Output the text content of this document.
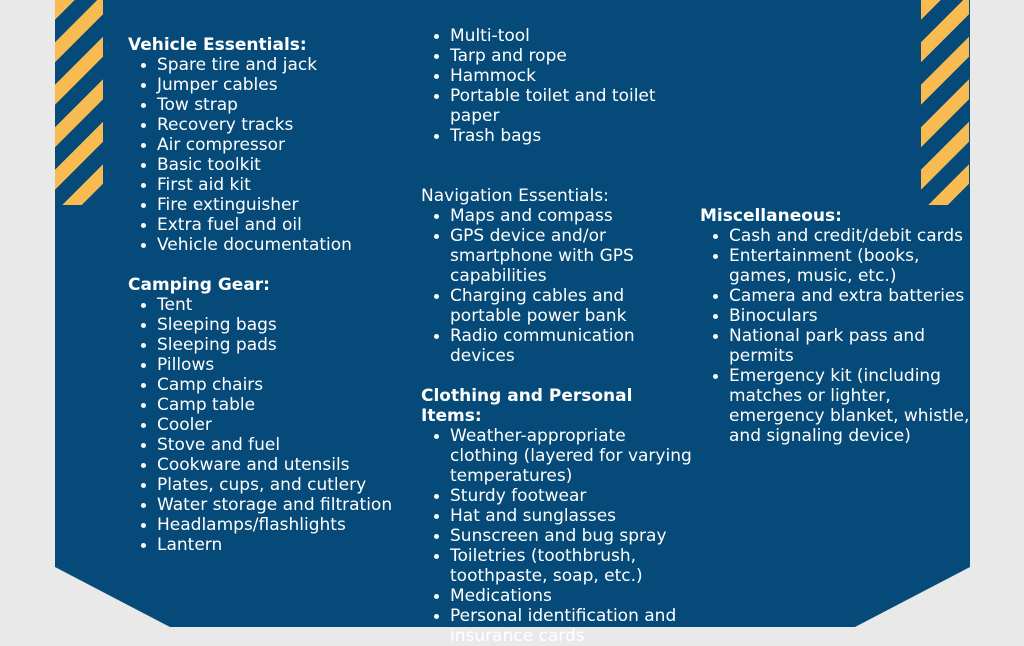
Vehicle Essentials:
Spare tire and jack
Jumper cables
Tow strap
Recovery tracks
Air compressor
Basic toolkit
First aid kit
Fire extinguisher
Extra fuel and oil
Vehicle documentation
Camping Gear:
Tent
Sleeping bags
Sleeping pads
Pillows
Camp chairs
Camp table
Cooler
Stove and fuel
Cookware and utensils
Plates, cups, and cutlery
Water storage and filtration
Headlamps/flashlights
Lantern
Multi-tool
Tarp and rope
Hammock
Portable toilet and toilet paper
Trash bags
Navigation Essentials:
Maps and compass
GPS device and/or smartphone with GPS capabilities
Charging cables and portable power bank
Radio communication devices
Clothing and Personal Items:
Weather-appropriate clothing (layered for varying temperatures)
Sturdy footwear
Hat and sunglasses
Sunscreen and bug spray
Toiletries (toothbrush, toothpaste, soap, etc.)
Medications
Personal identification and insurance cards
Miscellaneous:
Cash and credit/debit cards
Entertainment (books, games, music, etc.)
Camera and extra batteries
Binoculars
National park pass and permits
Emergency kit (including matches or lighter, emergency blanket, whistle, and signaling device)
